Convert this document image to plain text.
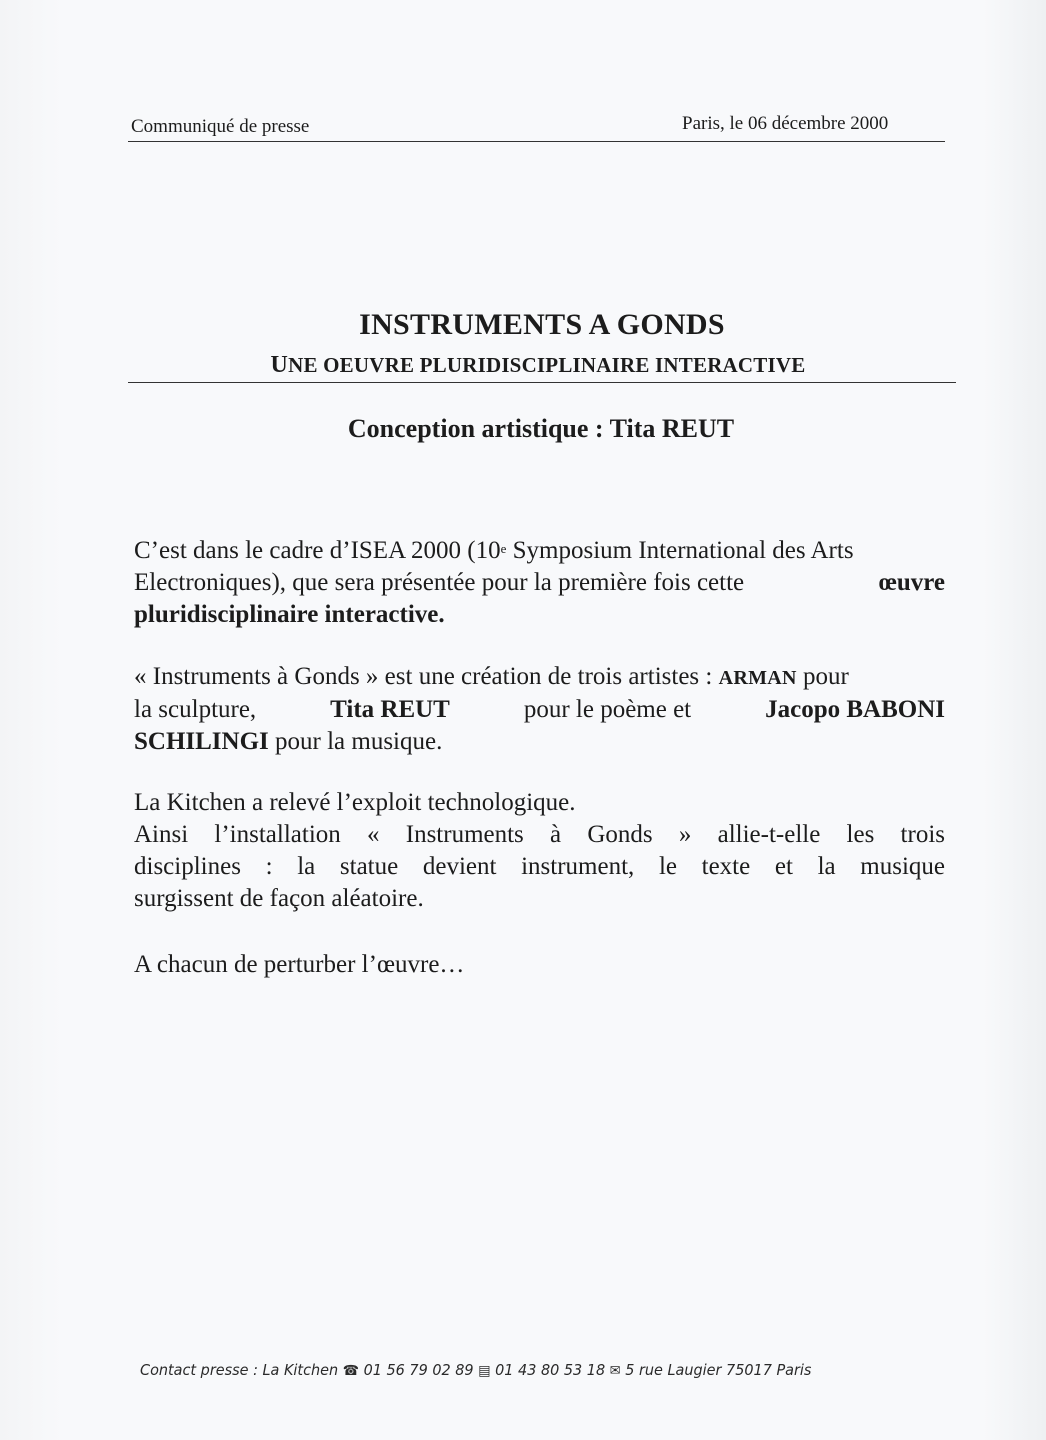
Communiqué de presse	Paris, le 06 décembre 2000
INSTRUMENTS A GONDS
UNE OEUVRE PLURIDISCIPLINAIRE INTERACTIVE
Conception artistique : Tita REUT
C’est dans le cadre d’ISEA 2000 (10e Symposium International des Arts
Electroniques), que sera présentée pour la première fois cette	œuvre
pluridisciplinaire interactive.
« Instruments à Gonds » est une création de trois artistes : ARMAN pour
la sculpture,	Tita REUT	pour le poème et	Jacopo BABONI
SCHILINGI pour la musique.
La Kitchen a relevé l’exploit technologique.
Ainsi l’installation « Instruments à Gonds » allie-t-elle les trois
disciplines : la statue devient instrument, le texte et la musique
surgissent de façon aléatoire.
A chacun de perturber l’œuvre…
Contact presse : La Kitchen ☎ 01 56 79 02 89 ▤ 01 43 80 53 18 ✉ 5 rue Laugier 75017 Paris
